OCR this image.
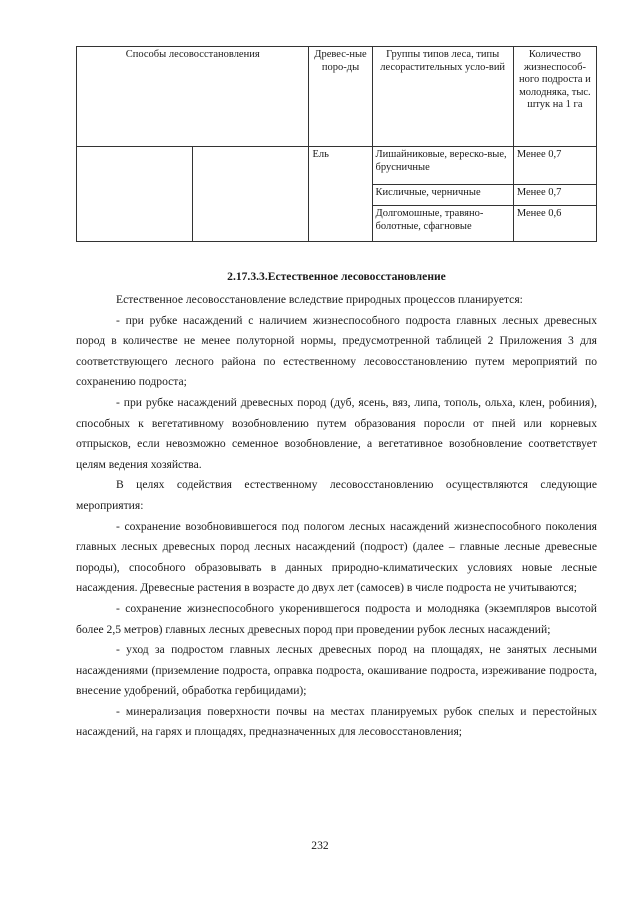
Способы лесовосстановления		Древес-ные поро-ды	Группы типов леса, типы лесорастительных усло-вий	Количество жизнеспособ-ного подроста и молодняка, тыс. штук на 1 га
		Ель	Лишайниковые, вереско-вые, брусничные	Менее 0,7
			Кисличные, черничные	Менее 0,7
			Долгомошные, травяно-болотные, сфагновые	Менее 0,6
2.17.3.3.Естественное лесовосстановление

Естественное лесовосстановление вследствие природных процессов планируется:

- при рубке насаждений с наличием жизнеспособного подроста главных лесных древесных пород в количестве не менее полуторной нормы, предусмотренной таблицей 2 Приложения 3 для соответствующего лесного района по естественному лесовосстановлению путем мероприятий по сохранению подроста;

- при рубке насаждений древесных пород (дуб, ясень, вяз, липа, тополь, ольха, клен, робиния), способных к вегетативному возобновлению путем образования поросли от пней или корневых отпрысков, если невозможно семенное возобновление, а вегетативное возобновление соответствует целям ведения хозяйства.

В целях содействия естественному лесовосстановлению осуществляются следующие мероприятия:

- сохранение возобновившегося под пологом лесных насаждений жизнеспособного поколения главных лесных древесных пород лесных насаждений (подрост) (далее – главные лесные древесные породы), способного образовывать в данных природно-климатических условиях новые лесные насаждения. Древесные растения в возрасте до двух лет (самосев) в числе подроста не учитываются;

- сохранение жизнеспособного укоренившегося подроста и молодняка (экземпляров высотой более 2,5 метров) главных лесных древесных пород при проведении рубок лесных насаждений;

- уход за подростом главных лесных древесных пород на площадях, не занятых лесными насаждениями (приземление подроста, оправка подроста, окашивание подроста, изреживание подроста, внесение удобрений, обработка гербицидами);

- минерализация поверхности почвы на местах планируемых рубок спелых и перестойных насаждений, на гарях и площадях, предназначенных для лесовосстановления;

232
